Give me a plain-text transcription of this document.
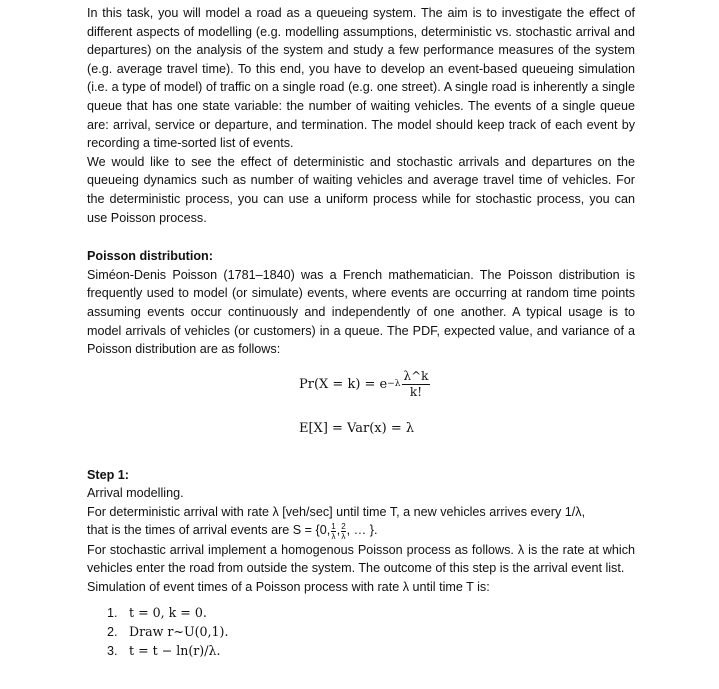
In this task, you will model a road as a queueing system. The aim is to investigate the effect of different aspects of modelling (e.g. modelling assumptions, deterministic vs. stochastic arrival and departures) on the analysis of the system and study a few performance measures of the system (e.g. average travel time). To this end, you have to develop an event-based queueing simulation (i.e. a type of model) of traffic on a single road (e.g. one street). A single road is inherently a single queue that has one state variable: the number of waiting vehicles. The events of a single queue are: arrival, service or departure, and termination. The model should keep track of each event by recording a time-sorted list of events.

We would like to see the effect of deterministic and stochastic arrivals and departures on the queueing dynamics such as number of waiting vehicles and average travel time of vehicles. For the deterministic process, you can use a uniform process while for stochastic process, you can use Poisson process.

Poisson distribution:

Siméon-Denis Poisson (1781–1840) was a French mathematician. The Poisson distribution is frequently used to model (or simulate) events, where events are occurring at random time points assuming events occur continuously and independently of one another. A typical usage is to model arrivals of vehicles (or customers) in a queue. The PDF, expected value, and variance of a Poisson distribution are as follows:

$Pr(X = k) = e -\lambda \frac{\lambda\^{}k}{k!}$
E[X] = Var(x) = λ

Step 1:

Arrival modelling.

For deterministic arrival with rate λ [veh/sec] until time T, a new vehicles arrives every 1/λ,

that is the times of arrival events are S = {0, $\frac{1}{\lambda}$ , $\frac{2}{\lambda}$ , … }.

For stochastic arrival implement a homogenous Poisson process as follows. λ is the rate at which vehicles enter the road from outside the system. The outcome of this step is the arrival event list.

Simulation of event times of a Poisson process with rate λ until time T is:

1. t = 0, k = 0.
2. Draw r~U(0,1).
3. t = t − ln(r)/λ.
